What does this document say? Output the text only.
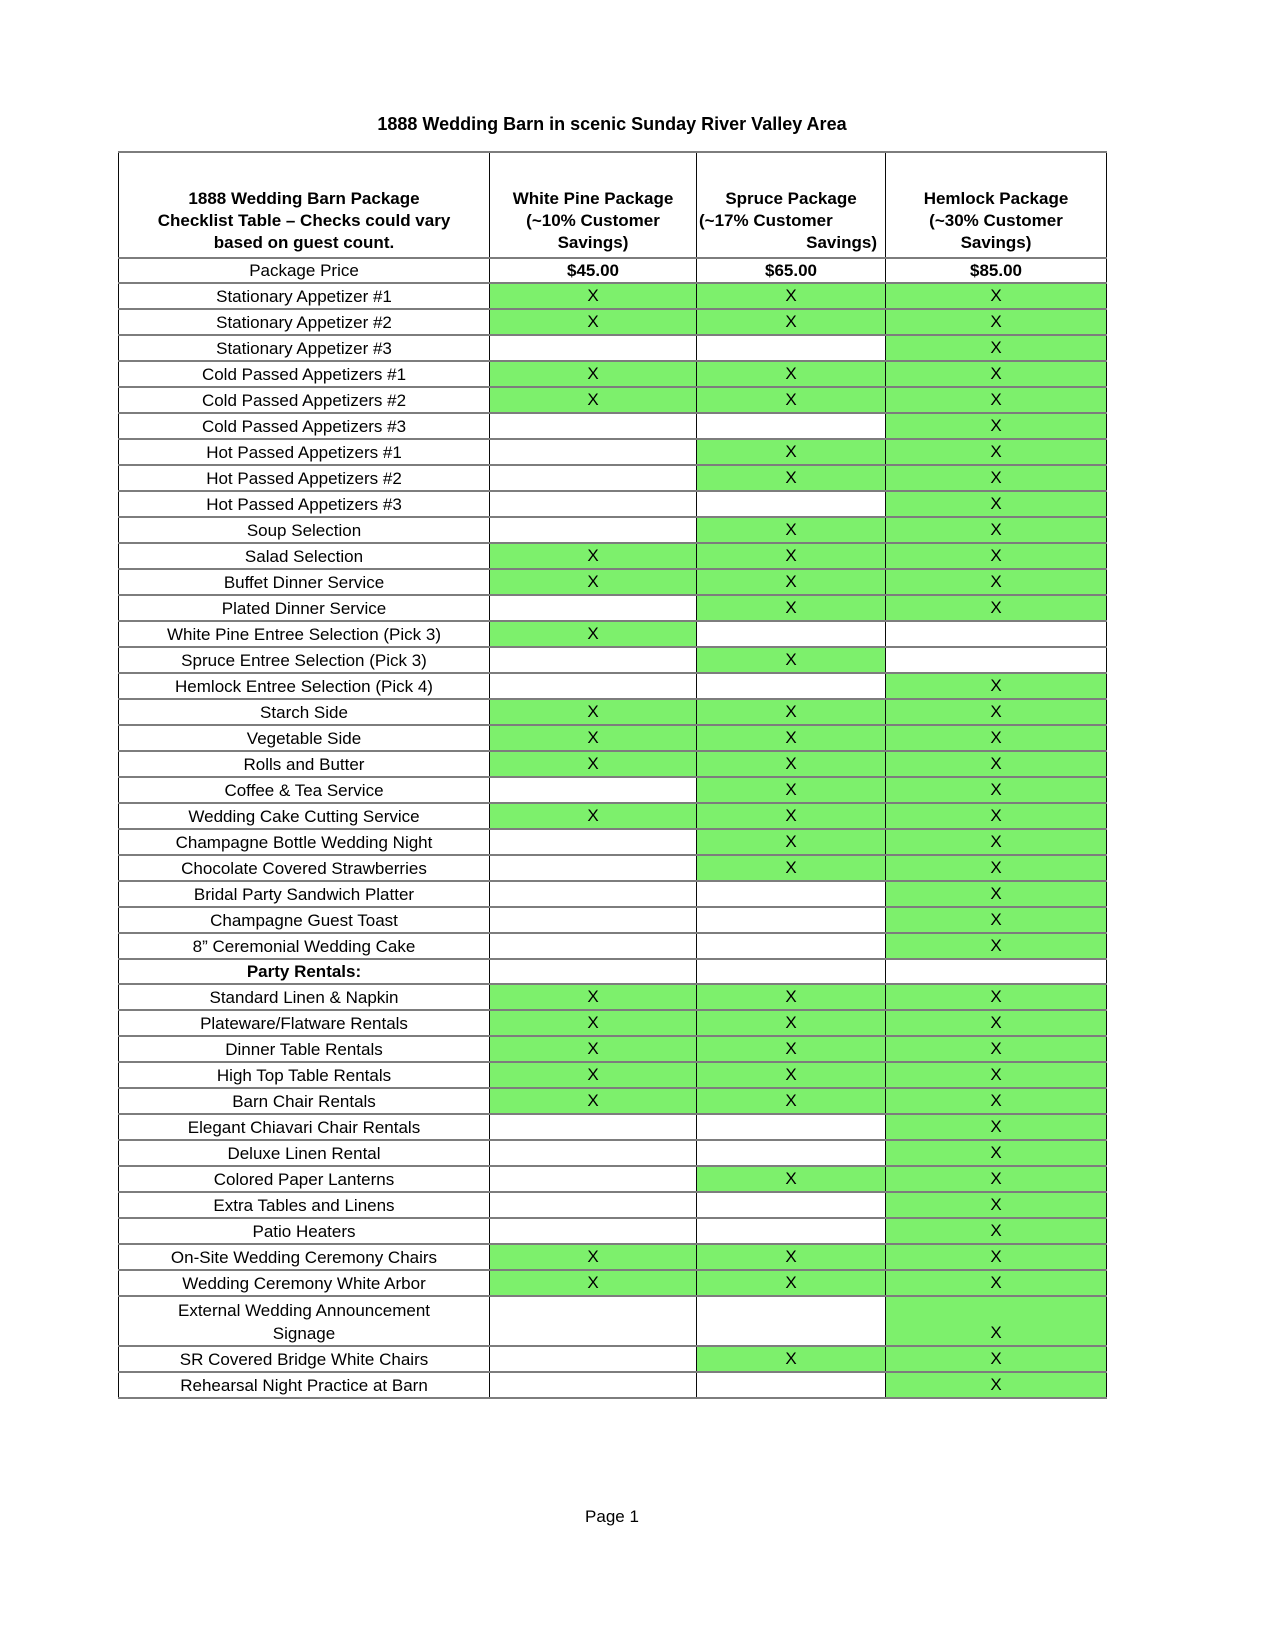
1888 Wedding Barn in scenic Sunday River Valley Area
1888 Wedding Barn Package
Checklist Table – Checks could vary
based on guest count.

White Pine Package
(~10% Customer
Savings)

Spruce Package
(~17% Customer
Savings)

Hemlock Package
(~30% Customer
Savings)

Package Price	$45.00	$65.00	$85.00
Stationary Appetizer #1	X	X	X
Stationary Appetizer #2	X	X	X
Stationary Appetizer #3			X
Cold Passed Appetizers #1	X	X	X
Cold Passed Appetizers #2	X	X	X
Cold Passed Appetizers #3			X
Hot Passed Appetizers #1		X	X
Hot Passed Appetizers #2		X	X
Hot Passed Appetizers #3			X
Soup Selection		X	X
Salad Selection	X	X	X
Buffet Dinner Service	X	X	X
Plated Dinner Service		X	X
White Pine Entree Selection (Pick 3)	X		
Spruce Entree Selection (Pick 3)		X	
Hemlock Entree Selection (Pick 4)			X
Starch Side	X	X	X
Vegetable Side	X	X	X
Rolls and Butter	X	X	X
Coffee & Tea Service		X	X
Wedding Cake Cutting Service	X	X	X
Champagne Bottle Wedding Night		X	X
Chocolate Covered Strawberries		X	X
Bridal Party Sandwich Platter			X
Champagne Guest Toast			X
8” Ceremonial Wedding Cake			X
Party Rentals:			
Standard Linen & Napkin	X	X	X
Plateware/Flatware Rentals	X	X	X
Dinner Table Rentals	X	X	X
High Top Table Rentals	X	X	X
Barn Chair Rentals	X	X	X
Elegant Chiavari Chair Rentals			X
Deluxe Linen Rental			X
Colored Paper Lanterns		X	X
Extra Tables and Linens			X
Patio Heaters			X
On-Site Wedding Ceremony Chairs	X	X	X
Wedding Ceremony White Arbor	X	X	X

External Wedding Announcement
Signage			X
SR Covered Bridge White Chairs		X	X
Rehearsal Night Practice at Barn			X
Page 1
